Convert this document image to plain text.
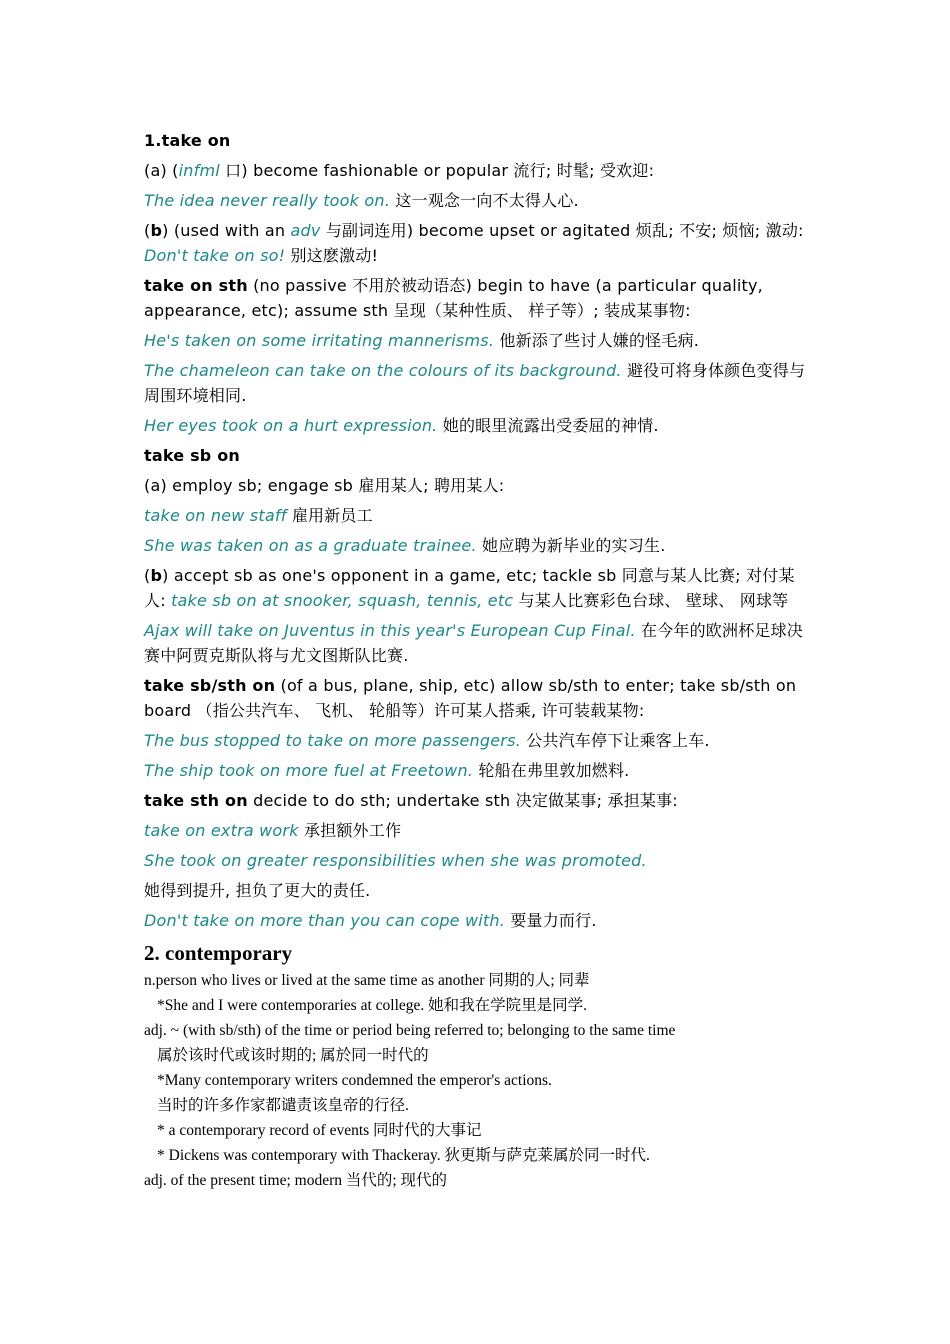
1.take on

(a) (infml 口) become fashionable or popular 流行; 时髦; 受欢迎:

The idea never really took on. 这一观念一向不太得人心.

(b) (used with an adv 与副词连用) become upset or agitated 烦乱; 不安; 烦恼; 激动: Don't take on so! 别这麽激动!

take on sth (no passive 不用於被动语态) begin to have (a particular quality, appearance, etc); assume sth 呈现（某种性质、 样子等）; 装成某事物:

He's taken on some irritating mannerisms. 他新添了些讨人嫌的怪毛病.

The chameleon can take on the colours of its background. 避役可将身体颜色变得与周围环境相同.

Her eyes took on a hurt expression. 她的眼里流露出受委屈的神情.

take sb on

(a) employ sb; engage sb 雇用某人; 聘用某人:

take on new staff 雇用新员工

She was taken on as a graduate trainee. 她应聘为新毕业的实习生.

(b) accept sb as one's opponent in a game, etc; tackle sb 同意与某人比赛; 对付某人: take sb on at snooker, squash, tennis, etc 与某人比赛彩色台球、 壁球、 网球等

Ajax will take on Juventus in this year's European Cup Final. 在今年的欧洲杯足球决赛中阿贾克斯队将与尤文图斯队比赛.

take sb/sth on (of a bus, plane, ship, etc) allow sb/sth to enter; take sb/sth on board （指公共汽车、 飞机、 轮船等）许可某人搭乘, 许可装载某物:

The bus stopped to take on more passengers. 公共汽车停下让乘客上车.

The ship took on more fuel at Freetown. 轮船在弗里敦加燃料.

take sth on decide to do sth; undertake sth 决定做某事; 承担某事:

take on extra work 承担额外工作

She took on greater responsibilities when she was promoted.

她得到提升, 担负了更大的责任.

Don't take on more than you can cope with. 要量力而行.

2. contemporary

n.person who lives or lived at the same time as another 同期的人; 同辈

*She and I were contemporaries at college. 她和我在学院里是同学.

adj. ~ (with sb/sth) of the time or period being referred to; belonging to the same time

属於该时代或该时期的; 属於同一时代的

*Many contemporary writers condemned the emperor's actions.

当时的许多作家都谴责该皇帝的行径.

* a contemporary record of events 同时代的大事记

* Dickens was contemporary with Thackeray. 狄更斯与萨克莱属於同一时代.

adj. of the present time; modern 当代的; 现代的
